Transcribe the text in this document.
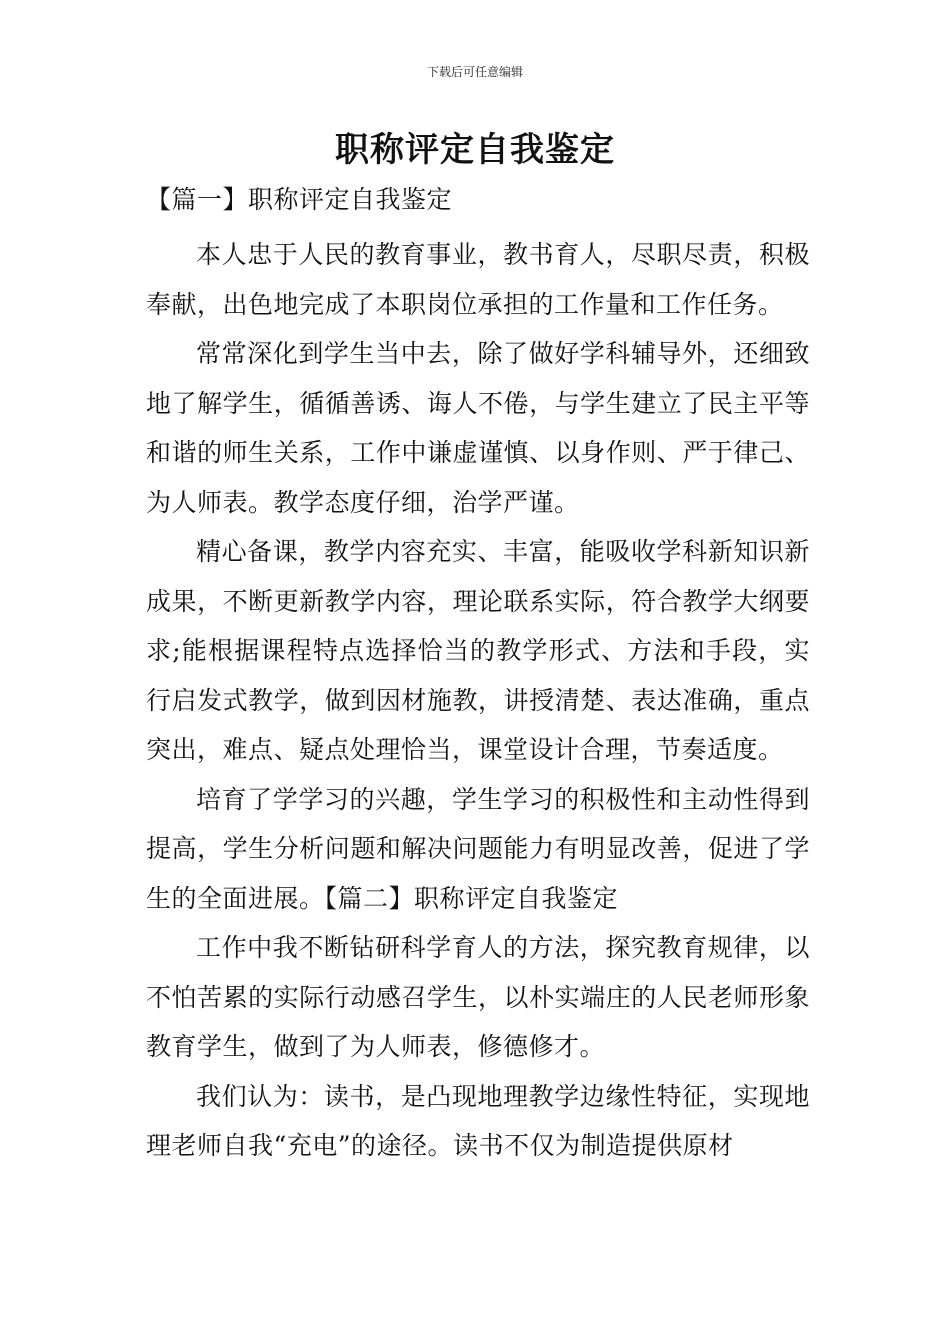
下载后可任意编辑
职称评定自我鉴定
【篇一】职称评定自我鉴定

本人忠于人民的教育事业，教书育人，尽职尽责，积极奉献，出色地完成了本职岗位承担的工作量和工作任务。

常常深化到学生当中去，除了做好学科辅导外，还细致地了解学生，循循善诱、诲人不倦，与学生建立了民主平等和谐的师生关系，工作中谦虚谨慎、以身作则、严于律己、为人师表。教学态度仔细，治学严谨。

精心备课，教学内容充实、丰富，能吸收学科新知识新成果，不断更新教学内容，理论联系实际，符合教学大纲要求;能根据课程特点选择恰当的教学形式、方法和手段，实行启发式教学，做到因材施教，讲授清楚、表达准确，重点突出，难点、疑点处理恰当，课堂设计合理，节奏适度。

培育了学学习的兴趣，学生学习的积极性和主动性得到提高，学生分析问题和解决问题能力有明显改善，促进了学生的全面进展。【篇二】职称评定自我鉴定

工作中我不断钻研科学育人的方法，探究教育规律，以不怕苦累的实际行动感召学生，以朴实端庄的人民老师形象教育学生，做到了为人师表，修德修才。

我们认为：读书，是凸现地理教学边缘性特征，实现地理老师自我“充电”的途径。读书不仅为制造提供原材
